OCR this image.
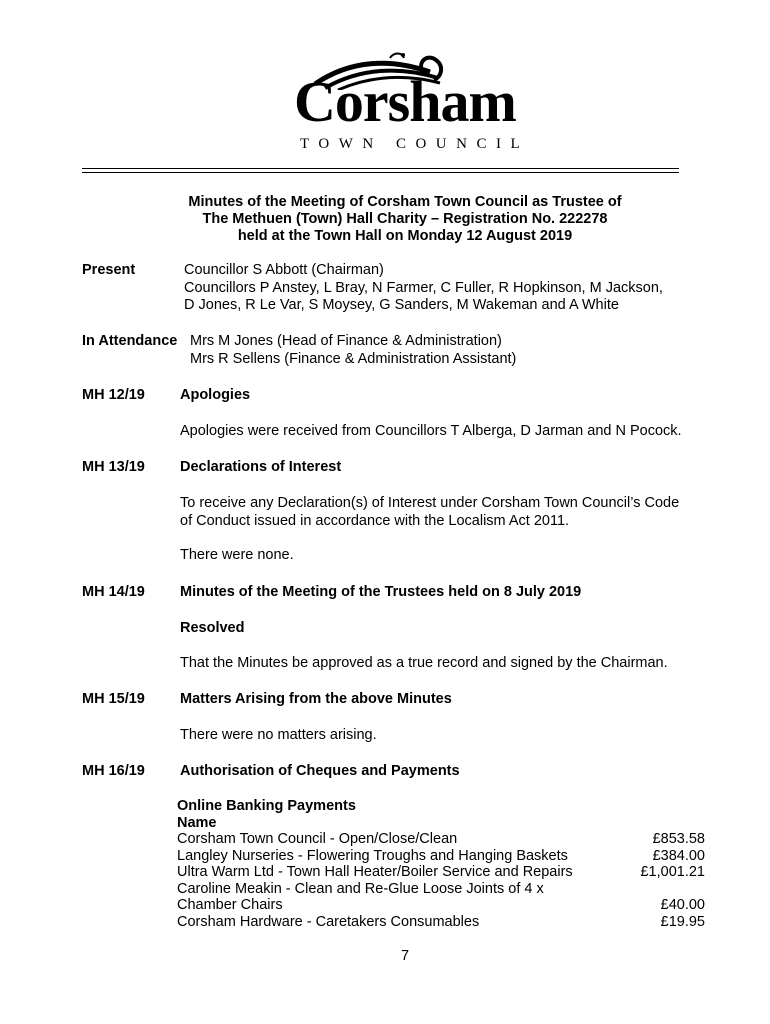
Corsham
TOWN COUNCIL
Minutes of the Meeting of Corsham Town Council as Trustee of
The Methuen (Town) Hall Charity – Registration No. 222278
held at the Town Hall on Monday 12 August 2019
Present	Councillor S Abbott (Chairman)
Councillors P Anstey, L Bray, N Farmer, C Fuller, R Hopkinson, M Jackson,
D Jones, R Le Var, S Moysey, G Sanders, M Wakeman and A White
In Attendance Mrs M Jones (Head of Finance & Administration)
Mrs R Sellens (Finance & Administration Assistant)
MH 12/19 Apologies
Apologies were received from Councillors T Alberga, D Jarman and N Pocock.
MH 13/19 Declarations of Interest
To receive any Declaration(s) of Interest under Corsham Town Council’s Code
of Conduct issued in accordance with the Localism Act 2011.
There were none.
MH 14/19 Minutes of the Meeting of the Trustees held on 8 July 2019
Resolved
That the Minutes be approved as a true record and signed by the Chairman.
MH 15/19 Matters Arising from the above Minutes
There were no matters arising.
MH 16/19 Authorisation of Cheques and Payments
Online Banking Payments
Name
Corsham Town Council - Open/Close/Clean	£853.58
Langley Nurseries - Flowering Troughs and Hanging Baskets	£384.00
Ultra Warm Ltd - Town Hall Heater/Boiler Service and Repairs	£1,001.21
Caroline Meakin - Clean and Re-Glue Loose Joints of 4 x	
Chamber Chairs	£40.00
Corsham Hardware - Caretakers Consumables	£19.95
7
